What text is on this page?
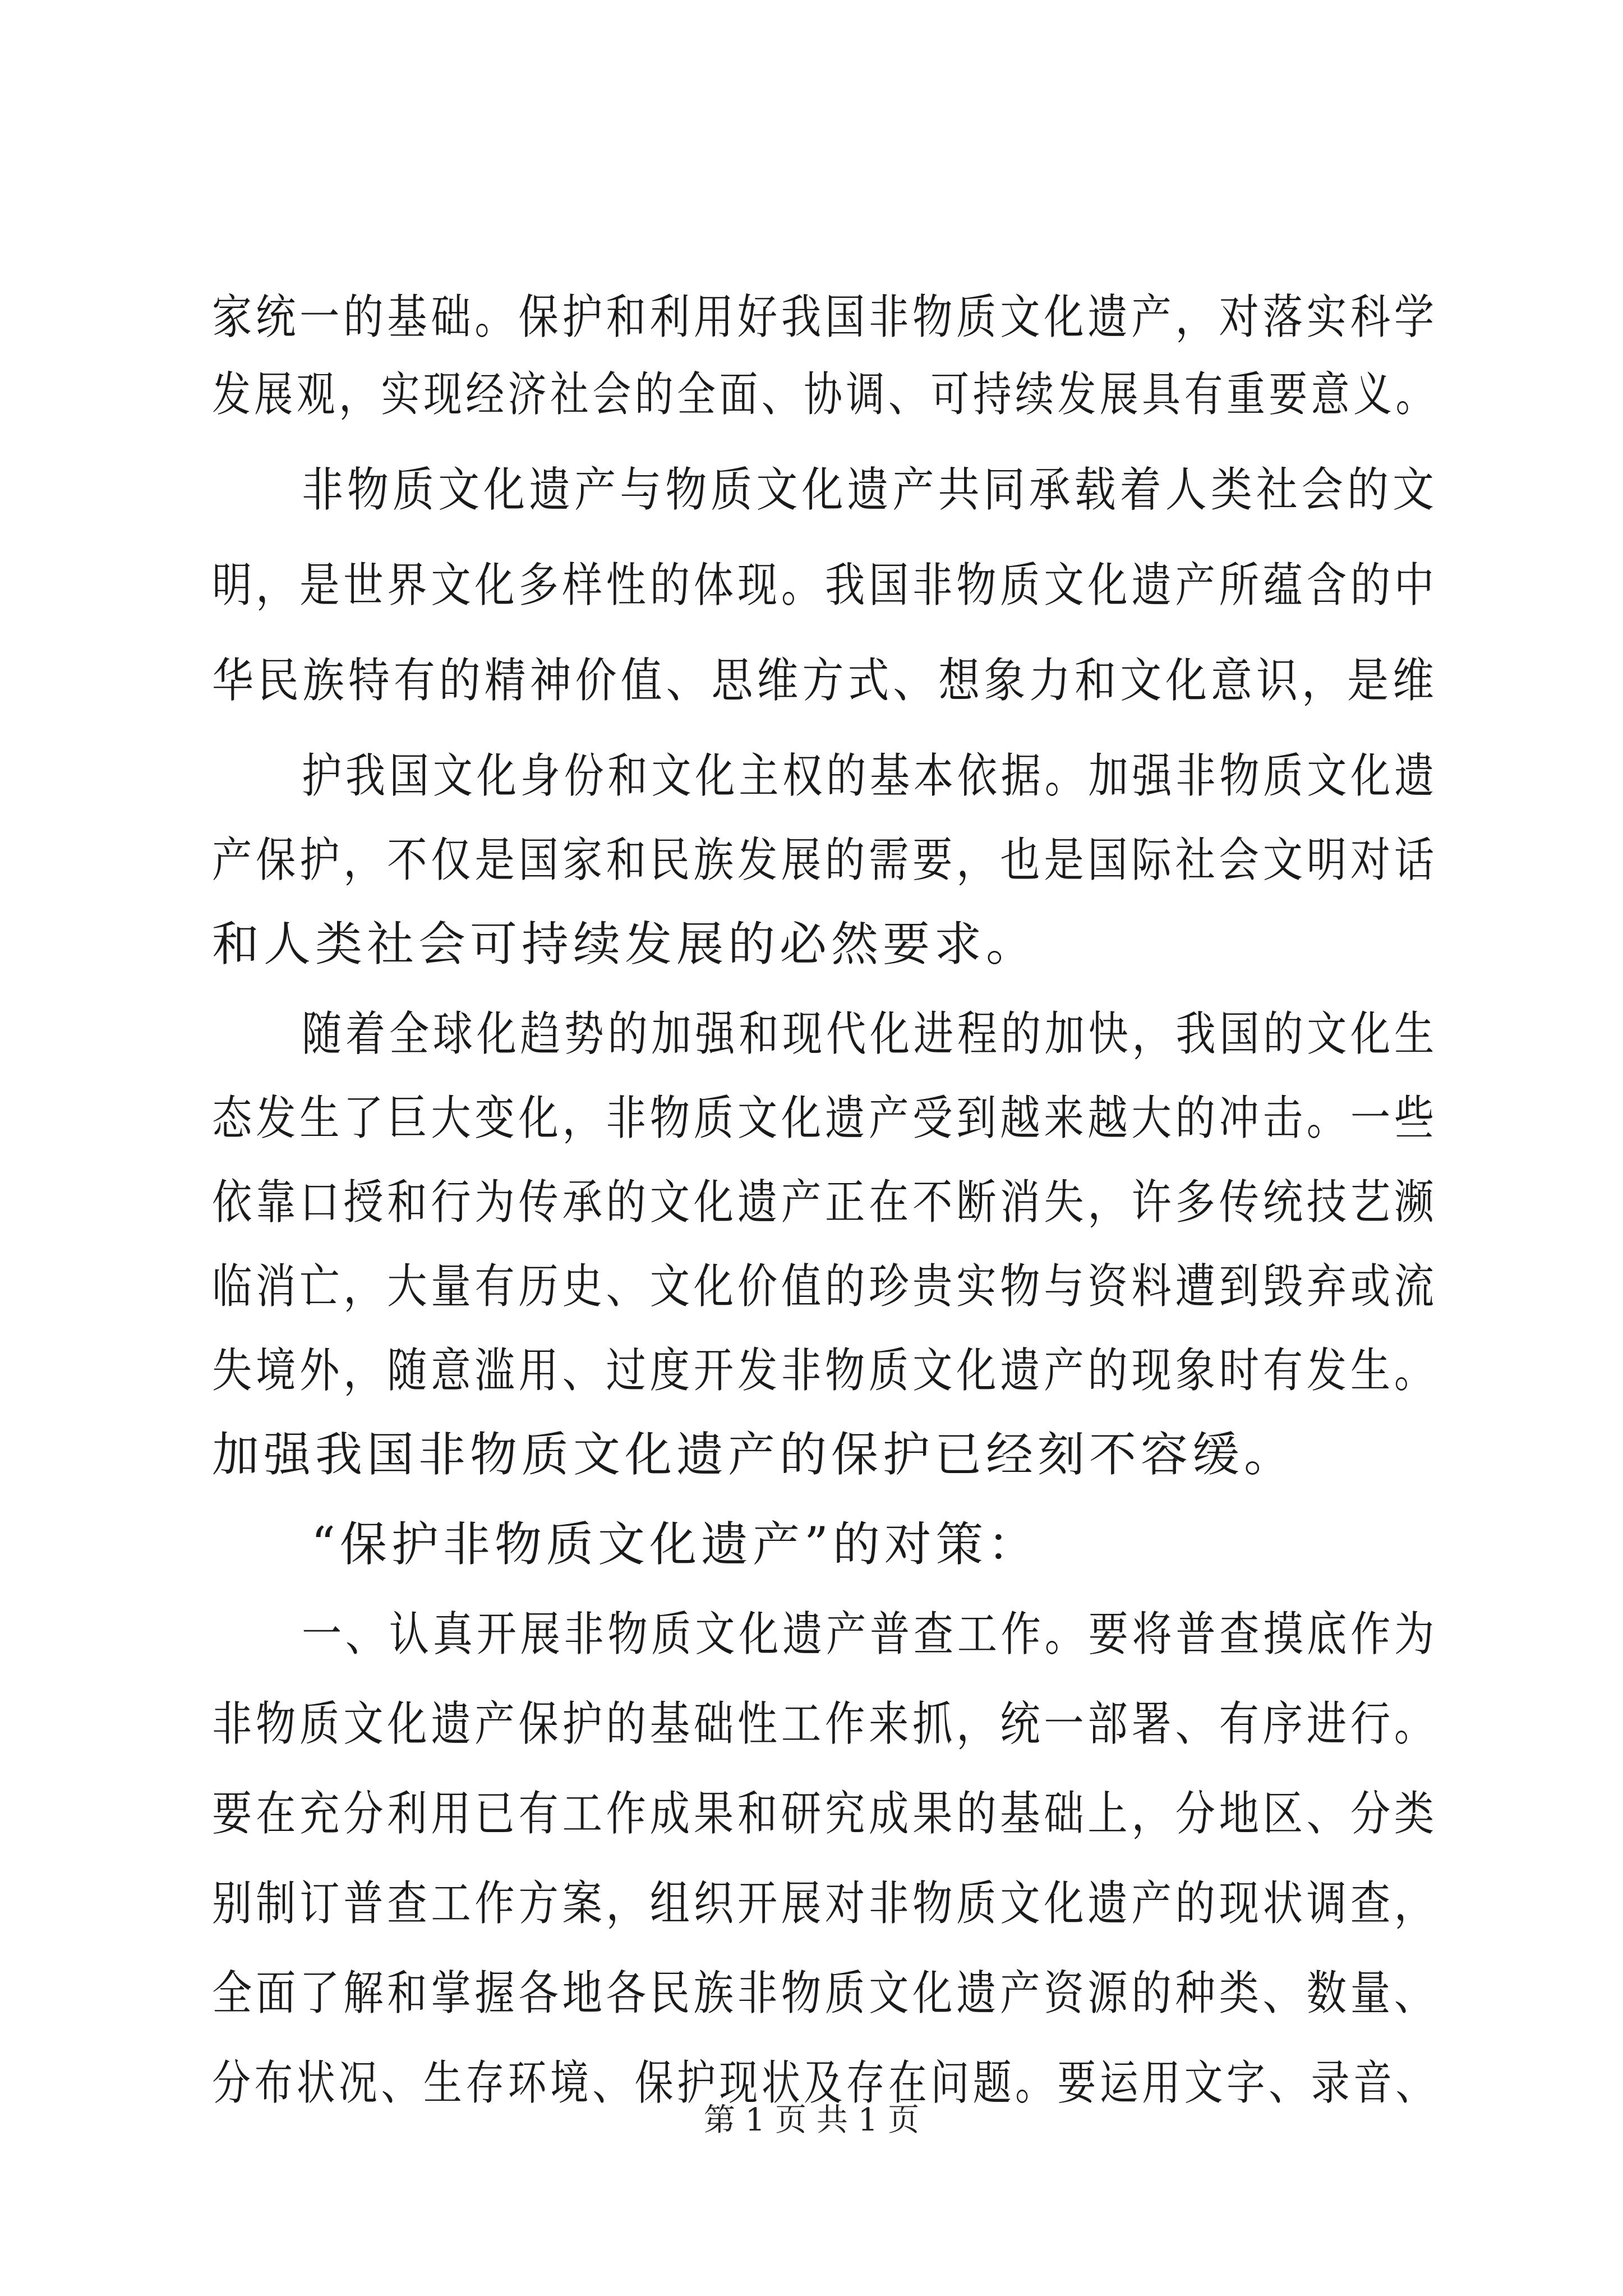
家统一的基础。保护和利用好我国非物质文化遗产，对落实科学
发展观，实现经济社会的全面、协调、可持续发展具有重要意义。
非物质文化遗产与物质文化遗产共同承载着人类社会的文
明，是世界文化多样性的体现。我国非物质文化遗产所蕴含的中
华民族特有的精神价值、思维方式、想象力和文化意识，是维
护我国文化身份和文化主权的基本依据。加强非物质文化遗
产保护，不仅是国家和民族发展的需要，也是国际社会文明对话
和人类社会可持续发展的必然要求。
随着全球化趋势的加强和现代化进程的加快，我国的文化生
态发生了巨大变化，非物质文化遗产受到越来越大的冲击。一些
依靠口授和行为传承的文化遗产正在不断消失，许多传统技艺濒
临消亡，大量有历史、文化价值的珍贵实物与资料遭到毁弃或流
失境外，随意滥用、过度开发非物质文化遗产的现象时有发生。
加强我国非物质文化遗产的保护已经刻不容缓。
“保护非物质文化遗产”的对策：
一、认真开展非物质文化遗产普查工作。要将普查摸底作为
非物质文化遗产保护的基础性工作来抓，统一部署、有序进行。
要在充分利用已有工作成果和研究成果的基础上，分地区、分类
别制订普查工作方案，组织开展对非物质文化遗产的现状调查，
全面了解和掌握各地各民族非物质文化遗产资源的种类、数量、
分布状况、生存环境、保护现状及存在问题。要运用文字、录音、
第 1 页 共 1 页
